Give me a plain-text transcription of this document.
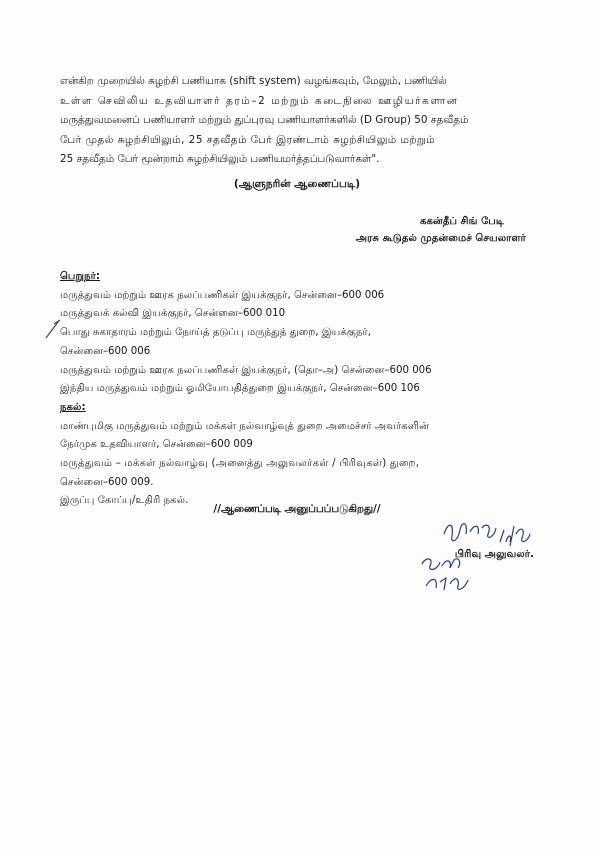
என்கிற முறையில் சுழற்சி பணியாக (shift system) வழங்கவும், மேலும், பணியில்
உள்ள செவிலிய உதவியாளர் தரம்–2 மற்றும் கடைநிலை ஊழியர்களான
மருத்துவமனைப் பணியாளர் மற்றும் துப்புரவு பணியாளர்களில் (D Group) 50 சதவீதம்
பேர் முதல் சுழற்சியிலும், 25 சதவீதம் பேர் இரண்டாம் சுழற்சியிலும் மற்றும்
25 சதவீதம் பேர் மூன்றாம் சுழற்சியிலும் பணியமர்த்தப்படுவார்கள்".
(ஆளுநரின் ஆணைப்படி)
ககன்தீப் சிங் பேடி
அரசு கூடுதல் முதன்மைச் செயலாளர்
பெறுநர்:
மருத்துவம் மற்றும் ஊரக நலப்பணிகள் இயக்குநர், சென்னை–600 006
மருத்துவக் கல்வி இயக்குநர், சென்னை–600 010
பொது சுகாதாரம் மற்றும் நோய்த் தடுப்பு மருந்துத் துறை, இயக்குநர்,
சென்னை–600 006
மருத்துவம் மற்றும் ஊரக நலப்பணிகள் இயக்குநர், (தொ–அ) சென்னை–600 006
இந்திய மருத்துவம் மற்றும் ஓமியோபதித்துறை இயக்குநர், சென்னை–600 106
நகல்:
மாண்புமிகு மருத்துவம் மற்றும் மக்கள் நல்வாழ்வுத் துறை அமைச்சர் அவர்களின்
நேர்முக உதவியாளர், சென்னை–600 009
மருத்துவம் – மக்கள் நல்வாழ்வு (அனைத்து அலுவலர்கள் / பிரிவுகள்) துறை,
சென்னை–600 009.
இருப்பு கோப்பு/உதிரி நகல்.
//ஆணைப்படி அனுப்பப்படுகிறது//
பிரிவு அலுவலர்.
